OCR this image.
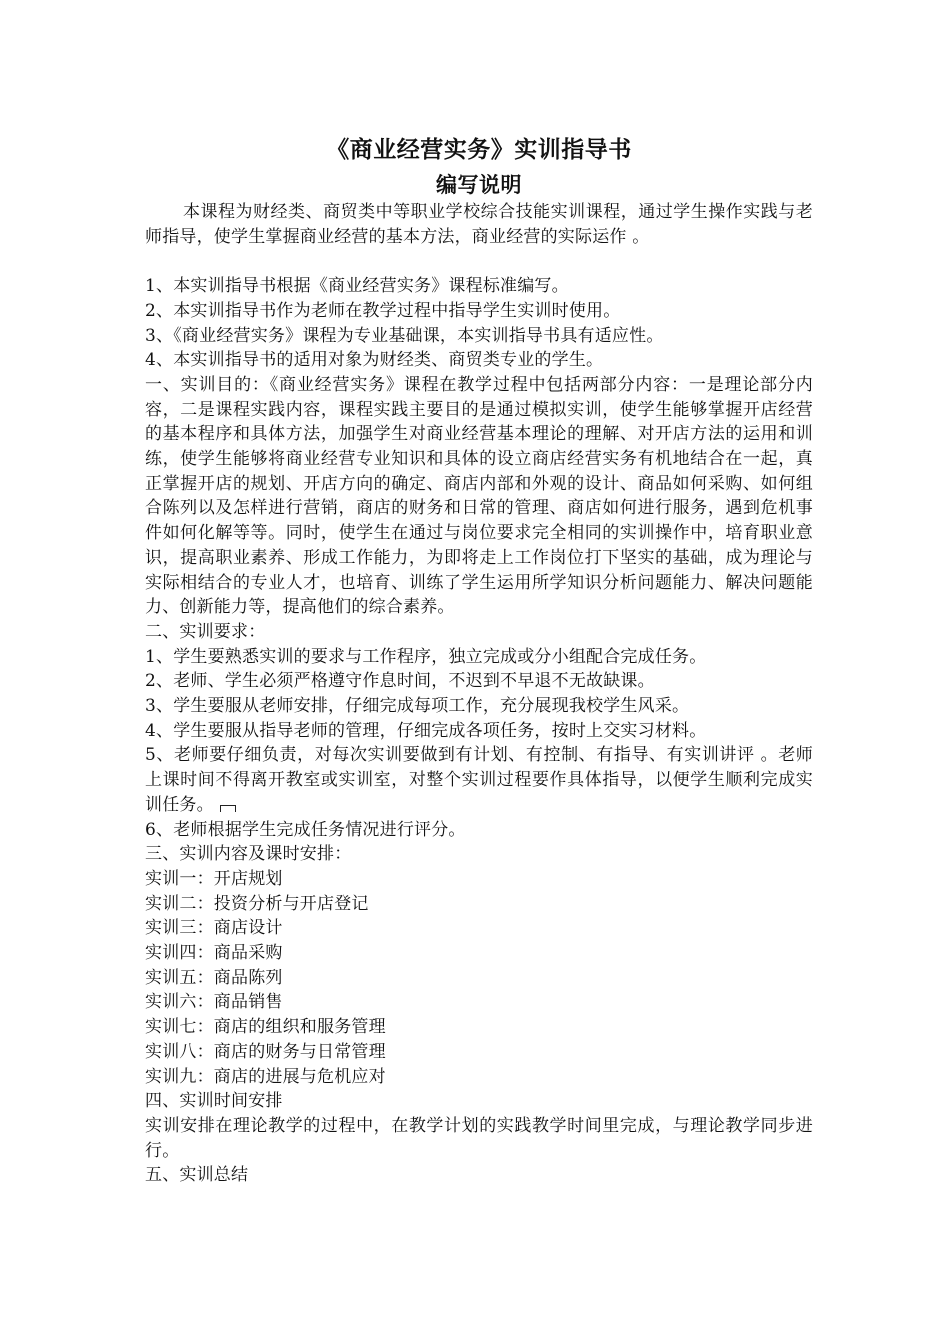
《商业经营实务》实训指导书
编写说明

本课程为财经类、商贸类中等职业学校综合技能实训课程，通过学生操作实践与老师指导，使学生掌握商业经营的基本方法，商业经营的实际运作 。

1、本实训指导书根据《商业经营实务》课程标准编写。

2、本实训指导书作为老师在教学过程中指导学生实训时使用。

3、《商业经营实务》课程为专业基础课，本实训指导书具有适应性。

4、本实训指导书的适用对象为财经类、商贸类专业的学生。

一、实训目的：《商业经营实务》课程在教学过程中包括两部分内容：一是理论部分内容，二是课程实践内容，课程实践主要目的是通过模拟实训，使学生能够掌握开店经营的基本程序和具体方法，加强学生对商业经营基本理论的理解、对开店方法的运用和训练，使学生能够将商业经营专业知识和具体的设立商店经营实务有机地结合在一起，真正掌握开店的规划、开店方向的确定、商店内部和外观的设计、商品如何采购、如何组合陈列以及怎样进行营销，商店的财务和日常的管理、商店如何进行服务，遇到危机事件如何化解等等。同时，使学生在通过与岗位要求完全相同的实训操作中，培育职业意识，提高职业素养、形成工作能力，为即将走上工作岗位打下坚实的基础，成为理论与实际相结合的专业人才，也培育、训练了学生运用所学知识分析问题能力、解决问题能力、创新能力等，提高他们的综合素养。

二、实训要求：

1、学生要熟悉实训的要求与工作程序，独立完成或分小组配合完成任务。

2、老师、学生必须严格遵守作息时间，不迟到不早退不无故缺课。

3、学生要服从老师安排，仔细完成每项工作，充分展现我校学生风采。

4、学生要服从指导老师的管理，仔细完成各项任务，按时上交实习材料。

5、老师要仔细负责，对每次实训要做到有计划、有控制、有指导、有实训讲评 。老师上课时间不得离开教室或实训室，对整个实训过程要作具体指导，以便学生顺利完成实训任务。

6、老师根据学生完成任务情况进行评分。

三、实训内容及课时安排：

实训一：开店规划

实训二：投资分析与开店登记

实训三：商店设计

实训四：商品采购

实训五：商品陈列

实训六：商品销售

实训七：商店的组织和服务管理

实训八：商店的财务与日常管理

实训九：商店的进展与危机应对

四、实训时间安排

实训安排在理论教学的过程中，在教学计划的实践教学时间里完成，与理论教学同步进行。

五、实训总结
